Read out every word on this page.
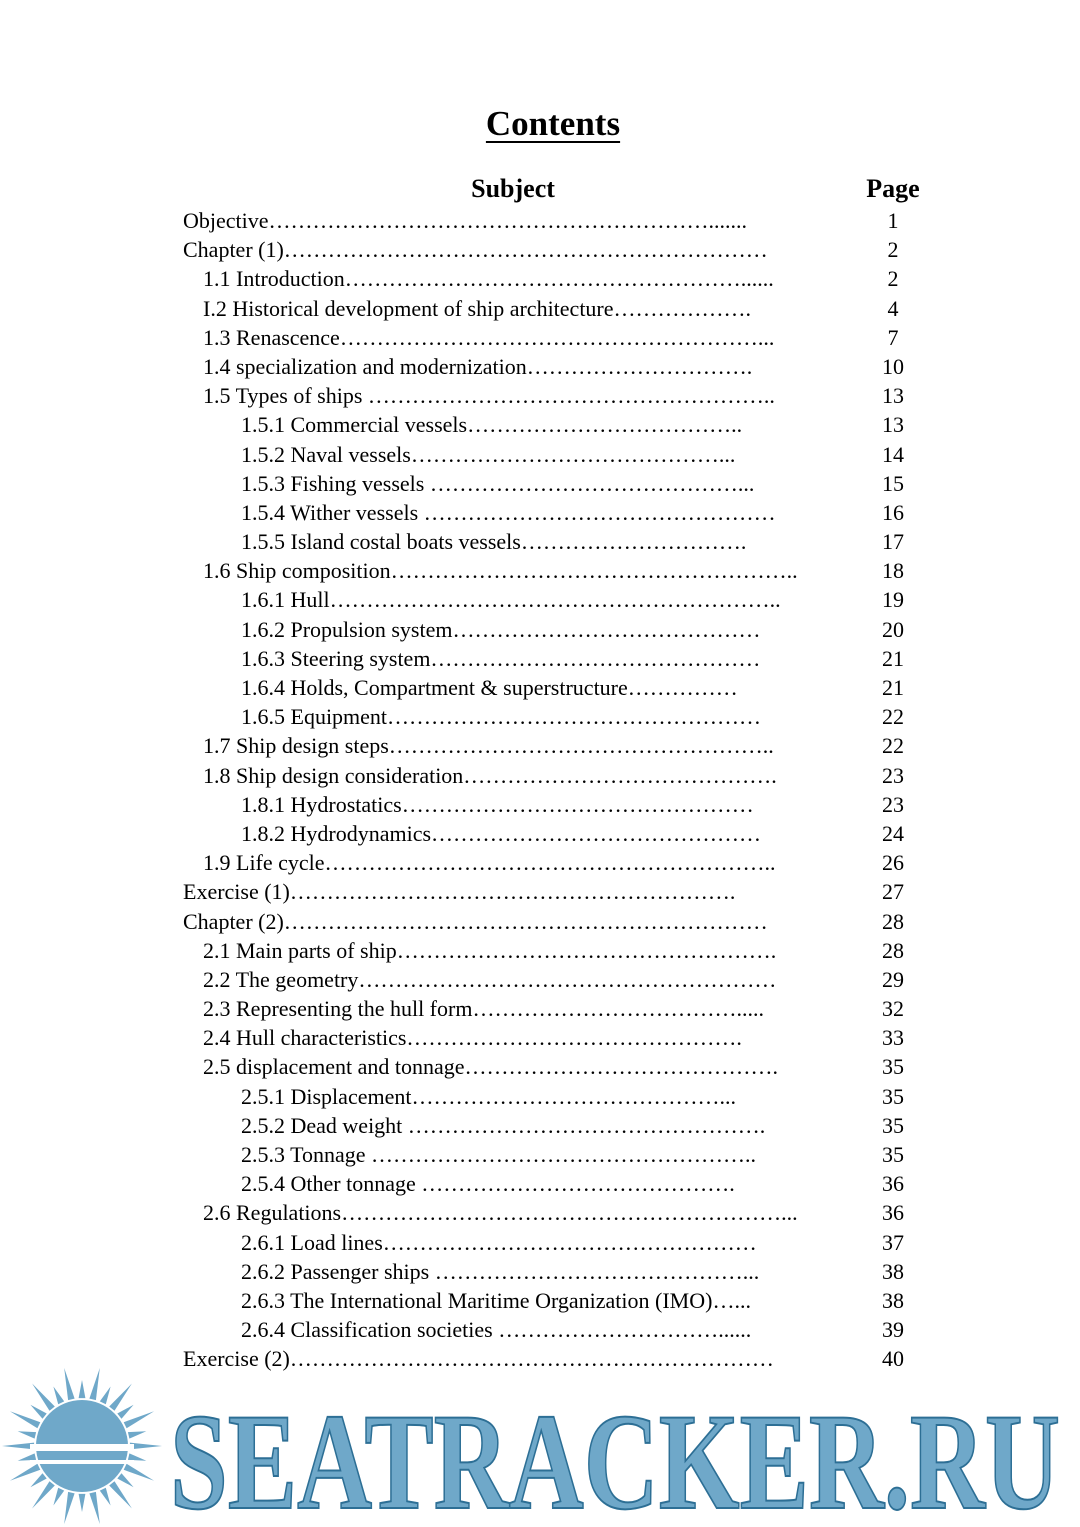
Contents
Subject	Page
Objective…………………………………………………….......	1
Chapter (1)…………………………………………………………	2
1.1 Introduction………………………………………………......	2
I.2 Historical development of ship architecture……………….	4
1.3 Renascence…………………………………………………...	7
1.4 specialization and modernization………………………….	10
1.5 Types of ships ………………………………………………..	13
1.5.1 Commercial vessels………………………………..	13
1.5.2 Naval vessels……………………………………...	14
1.5.3 Fishing vessels ……………………………………...	15
1.5.4 Wither vessels …………………………………………	16
1.5.5 Island costal boats vessels………………………….	17
1.6 Ship composition………………………………………………..	18
1.6.1 Hull……………………………………………………..	19
1.6.2 Propulsion system……………………………………	20
1.6.3 Steering system………………………………………	21
1.6.4 Holds, Compartment & superstructure……………	21
1.6.5 Equipment……………………………………………	22
1.7 Ship design steps……………………………………………..	22
1.8 Ship design consideration…………………………………….	23
1.8.1 Hydrostatics…………………………………………	23
1.8.2 Hydrodynamics………………………………………	24
1.9 Life cycle……………………………………………………..	26
Exercise (1)…………………………………………………….	27
Chapter (2)…………………………………………………………	28
2.1 Main parts of ship…………………………………………….	28
2.2 The geometry…………………………………………………	29
2.3 Representing the hull form……………………………….....	32
2.4 Hull characteristics……………………………………….	33
2.5 displacement and tonnage…………………………………….	35
2.5.1 Displacement……………………………………...	35
2.5.2 Dead weight ………………………………………….	35
2.5.3 Tonnage ……………………………………………..	35
2.5.4 Other tonnage …………………………………….	36
2.6 Regulations……………………………………………………...	36
2.6.1 Load lines……………………………………………	37
2.6.2 Passenger ships ……………………………………...	38
2.6.3 The International Maritime Organization (IMO)…...	38
2.6.4 Classification societies …………………………......	39
Exercise (2)…………………………………………………………	40
SEATRACKER.RU
